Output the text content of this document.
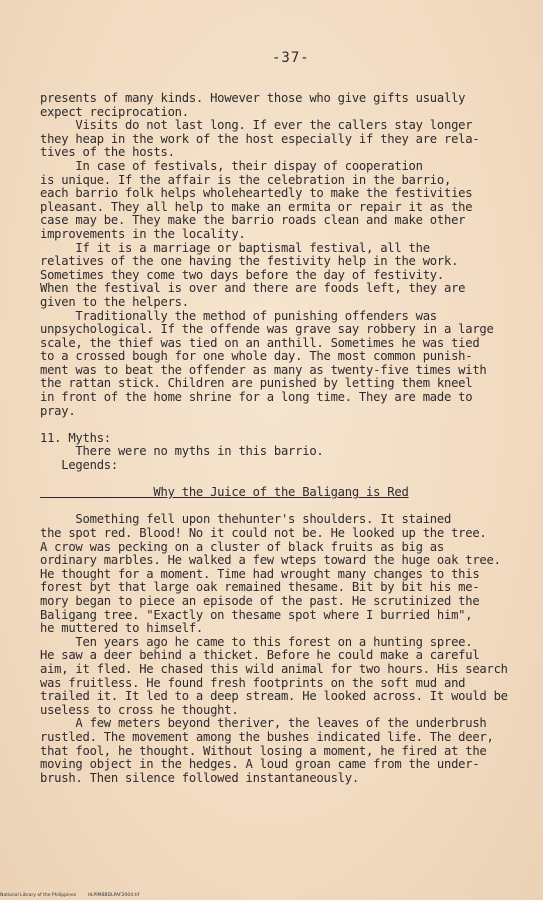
-37-
presents of many kinds. However those who give gifts usually
expect reciprocation.
Visits do not last long. If ever the callers stay longer
they heap in the work of the host especially if they are rela-
tives of the hosts.
In case of festivals, their dispay of cooperation
is unique. If the affair is the celebration in the barrio,
each barrio folk helps wholeheartedly to make the festivities
pleasant. They all help to make an ermita or repair it as the
case may be. They make the barrio roads clean and make other
improvements in the locality.
If it is a marriage or baptismal festival, all the
relatives of the one having the festivity help in the work.
Sometimes they come two days before the day of festivity.
When the festival is over and there are foods left, they are
given to the helpers.
Traditionally the method of punishing offenders was
unpsychological. If the offende was grave say robbery in a large
scale, the thief was tied on an anthill. Sometimes he was tied
to a crossed bough for one whole day. The most common punish-
ment was to beat the offender as many as twenty-five times with
the rattan stick. Children are punished by letting them kneel
in front of the home shrine for a long time. They are made to
pray.
11. Myths:
There were no myths in this barrio.
Legends:
Why the Juice of the Baligang is Red
Something fell upon thehunter's shoulders. It stained
the spot red. Blood! No it could not be. He looked up the tree.
A crow was pecking on a cluster of black fruits as big as
ordinary marbles. He walked a few wteps toward the huge oak tree.
He thought for a moment. Time had wrought many changes to this
forest byt that large oak remained thesame. Bit by bit his me-
mory began to piece an episode of the past. He scrutinized the
Baligang tree. "Exactly on thesame spot where I burried him",
he muttered to himself.
Ten years ago he came to this forest on a hunting spree.
He saw a deer behind a thicket. Before he could make a careful
aim, it fled. He chased this wild animal for two hours. His search
was fruitless. He found fresh footprints on the soft mud and
trailed it. It led to a deep stream. He looked across. It would be
useless to cross he thought.
A few meters beyond theriver, the leaves of the underbrush
rustled. The movement among the bushes indicated life. The deer,
that fool, he thought. Without losing a moment, he fired at the
moving object in the hedges. A loud groan came from the under-
brush. Then silence followed instantaneously.
National Library of the Philippines	HLPIMBBDLPAF2004.tif
